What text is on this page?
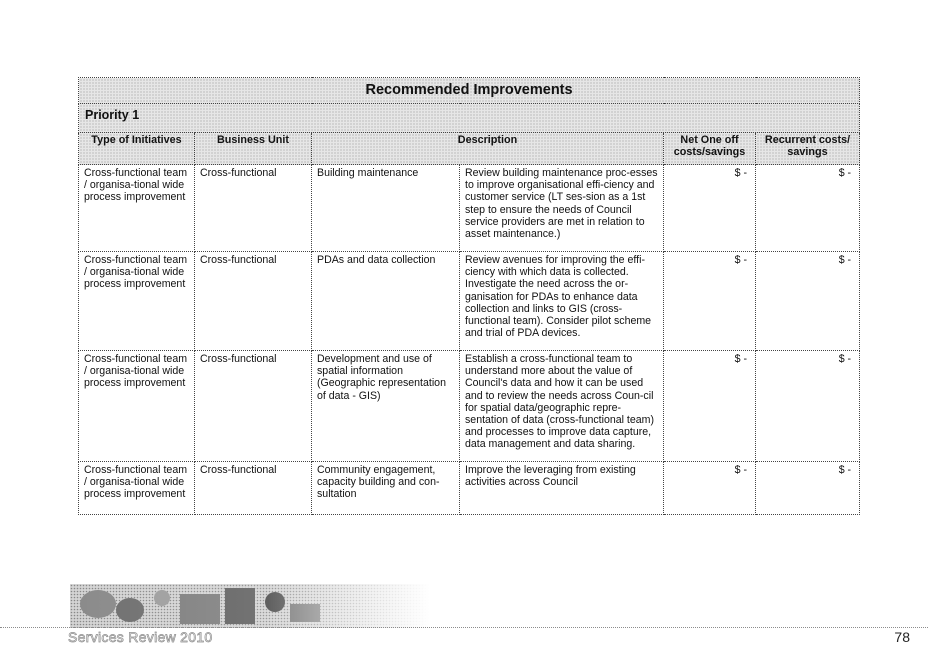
Recommended Improvements					
Priority 1					
Type of Initiatives	Business Unit	Description		Net One off costs/savings	Recurrent costs/ savings
Cross-functional team / organisa-tional wide process improvement	Cross-functional	Building maintenance	Review building maintenance proc-esses to improve organisational effi-ciency and customer service (LT ses-sion as a 1st step to ensure the needs of Council service providers are met in relation to asset maintenance.)	$ -	$ -
Cross-functional team / organisa-tional wide process improvement	Cross-functional	PDAs and data collection	Review avenues for improving the effi-ciency with which data is collected. Investigate the need across the or-ganisation for PDAs to enhance data collection and links to GIS (cross-functional team). Consider pilot scheme and trial of PDA devices.	$ -	$ -
Cross-functional team / organisa-tional wide process improvement	Cross-functional	Development and use of spatial information (Geographic representation of data - GIS)	Establish a cross-functional team to understand more about the value of Council's data and how it can be used and to review the needs across Coun-cil for spatial data/geographic repre-sentation of data (cross-functional team) and processes to improve data capture, data management and data sharing.	$ -	$ -
Cross-functional team / organisa-tional wide process improvement	Cross-functional	Community engagement, capacity building and con-sultation	Improve the leveraging from existing activities across Council	$ -	$ -
Services Review 2010	78
